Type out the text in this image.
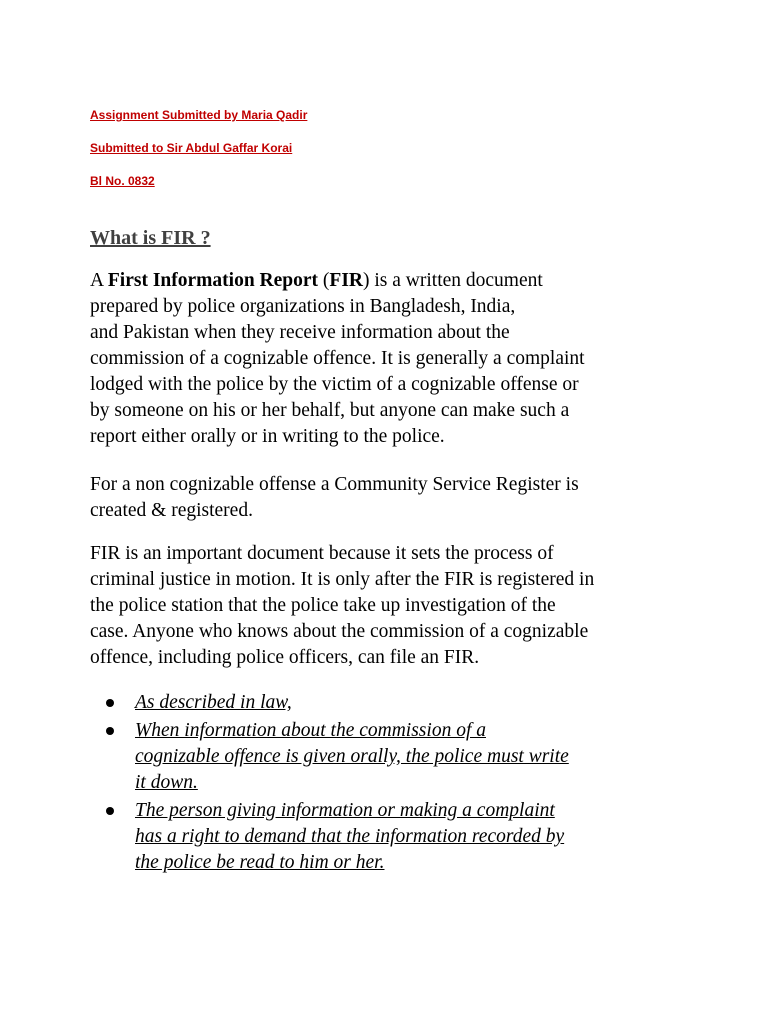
Assignment Submitted by Maria Qadir
Submitted to Sir Abdul Gaffar Korai
Bl No. 0832
What is FIR ?

A First Information Report (FIR) is a written document
prepared by police organizations in Bangladesh, India,
and Pakistan when they receive information about the
commission of a cognizable offence. It is generally a complaint
lodged with the police by the victim of a cognizable offense or
by someone on his or her behalf, but anyone can make such a
report either orally or in writing to the police.

For a non cognizable offense a Community Service Register is
created & registered.

FIR is an important document because it sets the process of
criminal justice in motion. It is only after the FIR is registered in
the police station that the police take up investigation of the
case. Anyone who knows about the commission of a cognizable
offence, including police officers, can file an FIR.

As described in law,
When information about the commission of a
cognizable offence is given orally, the police must write
it down.
The person giving information or making a complaint
has a right to demand that the information recorded by
the police be read to him or her.
